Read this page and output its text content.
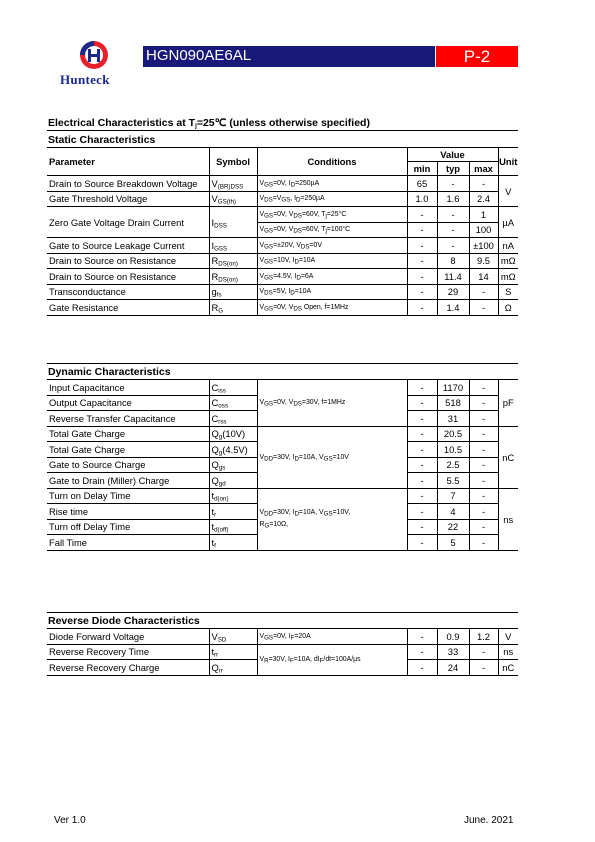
Hunteck
HGN090AE6AL	P-2
Electrical Characteristics at $T_j=25℃$ (unless otherwise specified)
Static Characteristics
Parameter	Symbol	Conditions	Value			Unit
			min	typ	max	
Drain to Source Breakdown Voltage	$V_{(BR)DSS}$	$V_{GS}=0V$, $I_D=250\mu A$	65	-	-	V
Gate Threshold Voltage	$V_{GS(th)}$	$V_{DS}=V_{GS}$, $I_D=250\mu A$	1.0	1.6	2.4	
Zero Gate Voltage Drain Current	$I_{DSS}$	$V_{GS}=0V$, $V_{DS}=60V$, $T_j=25^\circ C$	-	-	1	µA
		$V_{GS}=0V$, $V_{DS}=60V$, $T_j=100^\circ C$	-	-	100	
Gate to Source Leakage Current	$I_{GSS}$	$V_{GS}=\pm 20V$, $V_{DS}=0V$	-	-	±100	nA
Drain to Source on Resistance	$R_{DS(on)}$	$V_{GS}=10V$, $I_D=10A$	-	8	9.5	mΩ
Drain to Source on Resistance	$R_{DS(on)}$	$V_{GS}=4.5V$, $I_D=6A$	-	11.4	14	mΩ
Transconductance	$g_{fs}$	$V_{DS}=5V$, $I_D=10A$	-	29	-	S
Gate Resistance	$R_G$	$V_{GS}=0V$, $V_{DS}$ Open, f=1MHz	-	1.4	-	Ω
Dynamic Characteristics
Input Capacitance	$C_{iss}$	$V_{GS}=0V$, $V_{DS}=30V$, f=1MHz	-	1170	-	pF
Output Capacitance	$C_{oss}$		-	518	-	
Reverse Transfer Capacitance	$C_{rss}$		-	31	-	
Total Gate Charge	$Q_g(10V)$	$V_{DD}=30V$, $I_D=10A$, $V_{GS}=10V$	-	20.5	-	nC
Total Gate Charge	$Q_g(4.5V)$		-	10.5	-	
Gate to Source Charge	$Q_{gs}$		-	2.5	-	
Gate to Drain (Miller) Charge	$Q_{gd}$		-	5.5	-	
Turn on Delay Time	$t_{d(on)}$	$V_{DD}=30V$, $I_D=10A$, $V_{GS}=10V$,
$R_G=10\Omega$,	-	7	-	ns
Rise time	$t_r$		-	4	-	
Turn off Delay Time	$t_{d(off)}$		-	22	-	
Fall Time	$t_f$		-	5	-	
Reverse Diode Characteristics
Diode Forward Voltage	$V_{SD}$	$V_{GS}=0V$, $I_F=20A$	-	0.9	1.2	V
Reverse Recovery Time	$t_{rr}$	$V_R=30V$, $I_F=10A$, $dI_F/dt=100A/\mu s$	-	33	-	ns
Reverse Recovery Charge	$Q_{rr}$		-	24	-	nC
Ver 1.0	June. 2021
